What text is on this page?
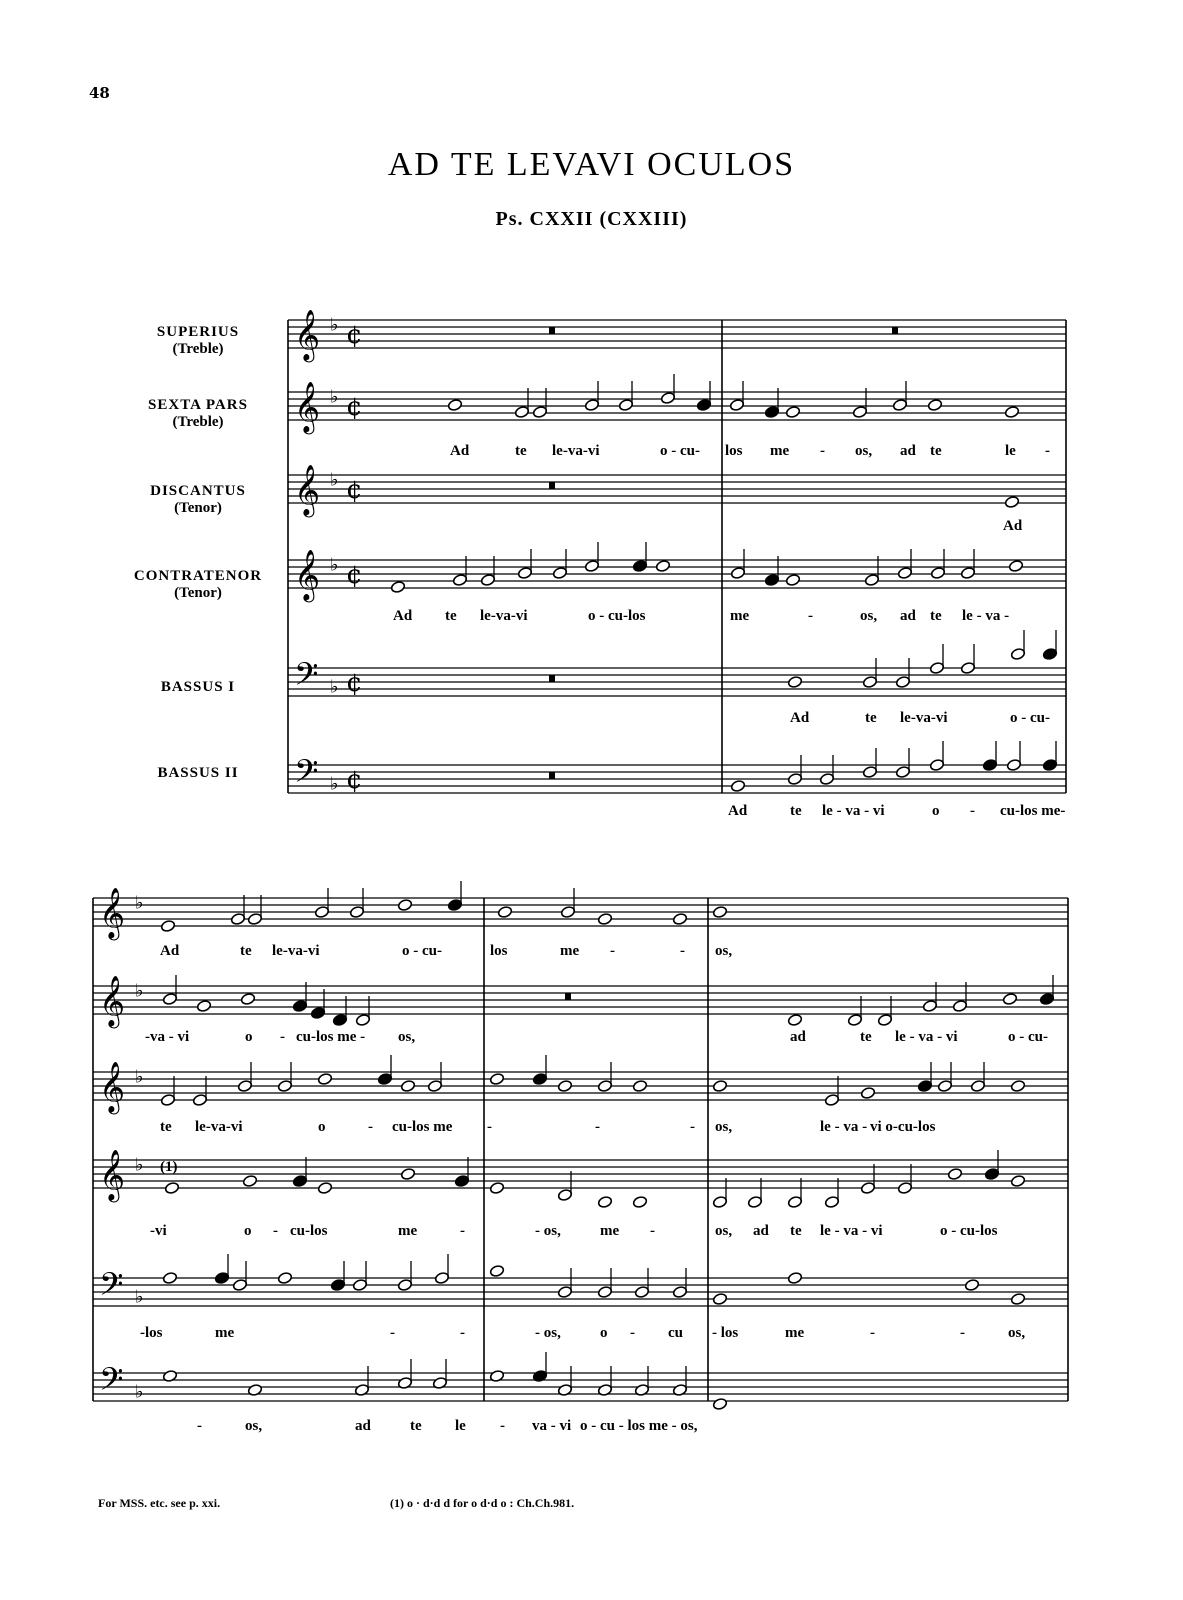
48
AD TE LEVAVI OCULOS
Ps. CXXII (CXXIII)
SUPERIUS
(Treble)
SEXTA PARS
(Treble)
DISCANTUS
(Tenor)
CONTRATENOR
(Tenor)
BASSUS I
BASSUS II
𝄞 ♭ ¢
𝄞 ♭ ¢
𝄞 ♭ ¢
𝄞 ♭ ¢
𝄢 ♭ ¢
𝄢 ♭ ¢
Ad	te le-va-vi	o - cu- los me - os, ad te	le -
Ad
Ad te le-va-vi	o - cu-los	me	-	os, ad te le - va -
Ad	te le-va-vi	o - cu-
Ad	te le - va - vi	o - cu-los me-
𝄞 ♭
𝄞 ♭
𝄞 ♭
𝄞 ♭
𝄢 ♭
𝄢 ♭
Ad	te le-va-vi	o - cu-	los	me -	- os,
-va - vi	o - cu-los me - os,	ad	te le - va - vi	o - cu-
te le-va-vi	o	- cu-los me -	-	- os,	le - va - vi o-cu-los
-vi	o - cu-los	me	-	- os,	me -	os, ad te le - va - vi	o - cu-los
-los	me	-	-	- os,	o - cu - los	me	-	-	os,
-	os,	ad	te le - va - vi o - cu - los me - os,
(1)
For MSS. etc. see p. xxi.	(1) o · d·d d for o d·d o : Ch.Ch.981.
